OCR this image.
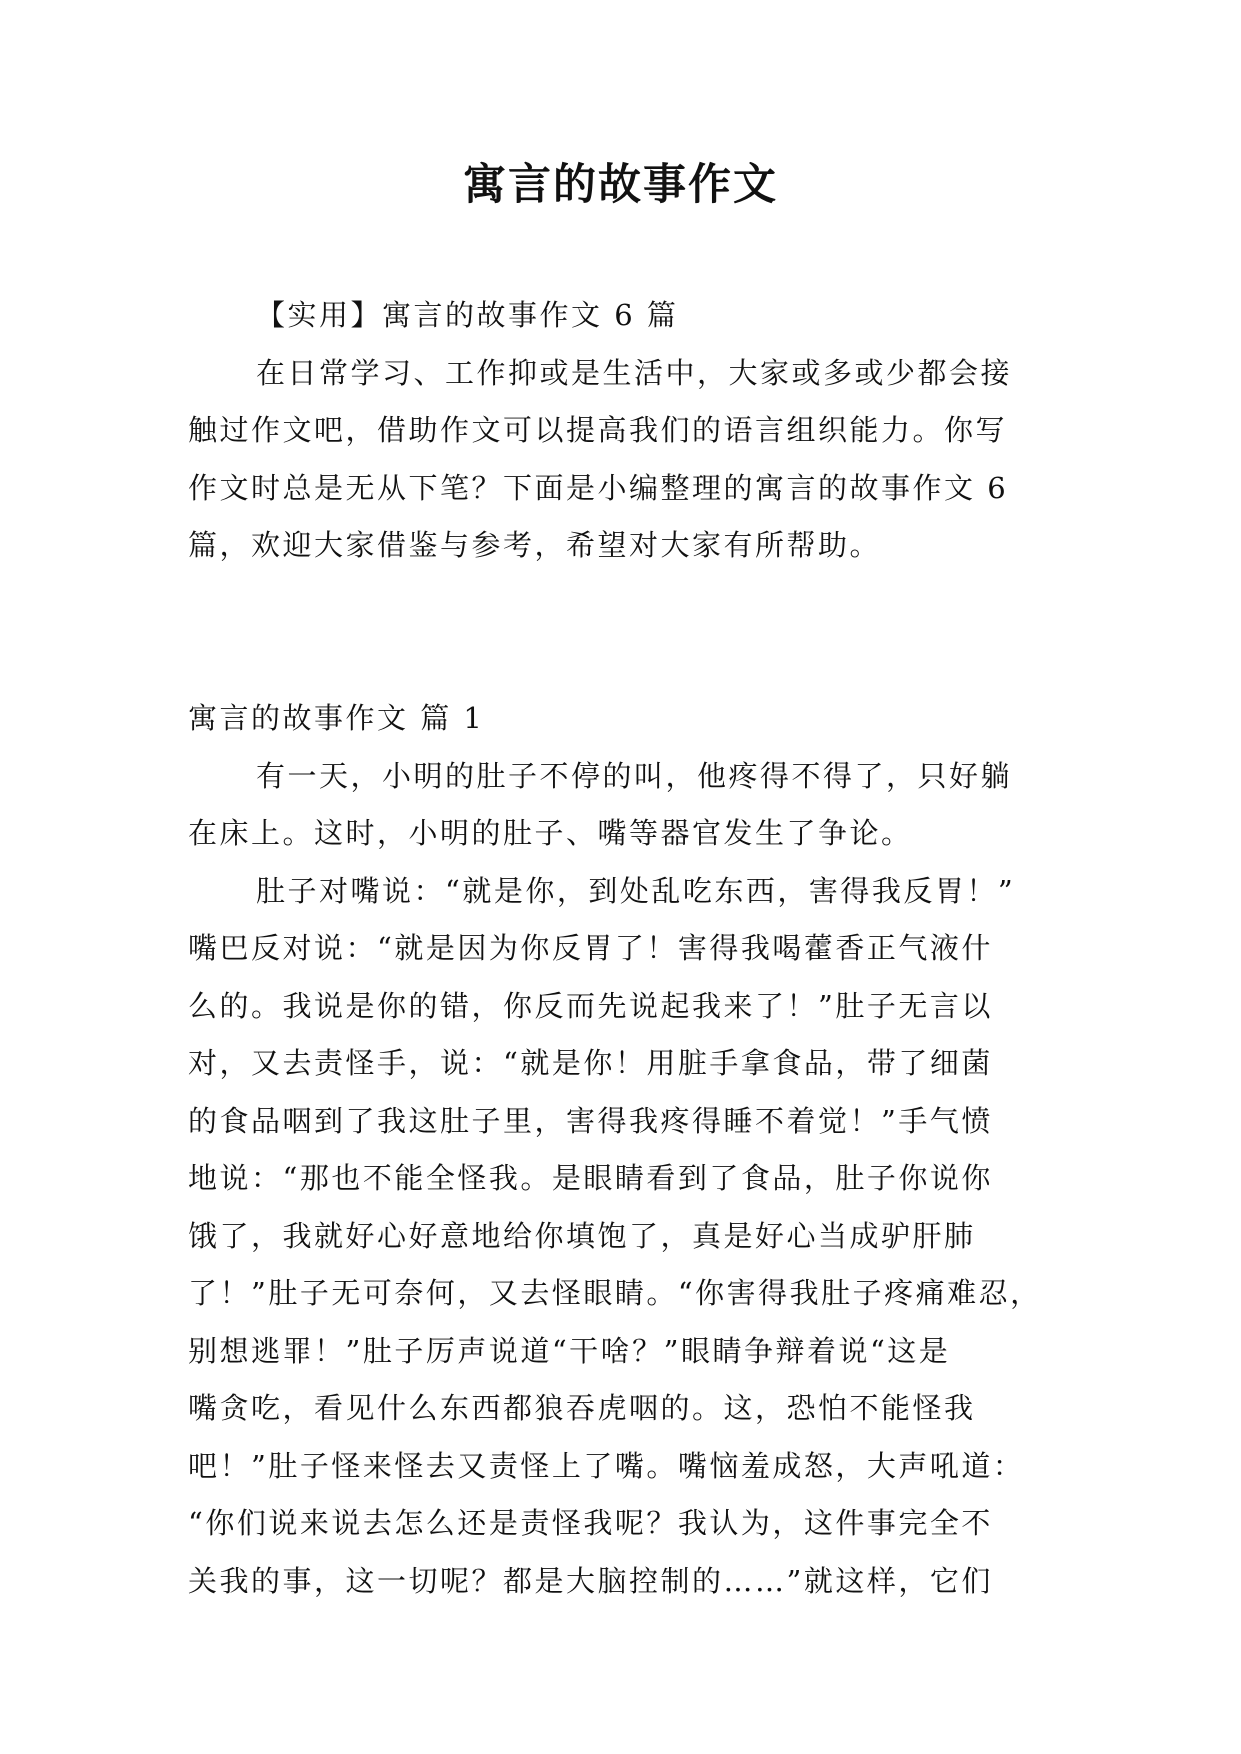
寓言的故事作文

【实用】寓言的故事作文 6 篇

在日常学习、工作抑或是生活中，大家或多或少都会接

触过作文吧，借助作文可以提高我们的语言组织能力。你写

作文时总是无从下笔？下面是小编整理的寓言的故事作文 6

篇，欢迎大家借鉴与参考，希望对大家有所帮助。

寓言的故事作文 篇 1

有一天，小明的肚子不停的叫，他疼得不得了，只好躺

在床上。这时，小明的肚子、嘴等器官发生了争论。

肚子对嘴说：“就是你，到处乱吃东西，害得我反胃！”

嘴巴反对说：“就是因为你反胃了！害得我喝藿香正气液什

么的。我说是你的错，你反而先说起我来了！”肚子无言以

对，又去责怪手，说：“就是你！用脏手拿食品，带了细菌

的食品咽到了我这肚子里，害得我疼得睡不着觉！”手气愤

地说：“那也不能全怪我。是眼睛看到了食品，肚子你说你

饿了，我就好心好意地给你填饱了，真是好心当成驴肝肺

了！”肚子无可奈何，又去怪眼睛。“你害得我肚子疼痛难忍，

别想逃罪！”肚子厉声说道“干啥？”眼睛争辩着说“这是

嘴贪吃，看见什么东西都狼吞虎咽的。这，恐怕不能怪我

吧！”肚子怪来怪去又责怪上了嘴。嘴恼羞成怒，大声吼道：

“你们说来说去怎么还是责怪我呢？我认为，这件事完全不

关我的事，这一切呢？都是大脑控制的……”就这样，它们
